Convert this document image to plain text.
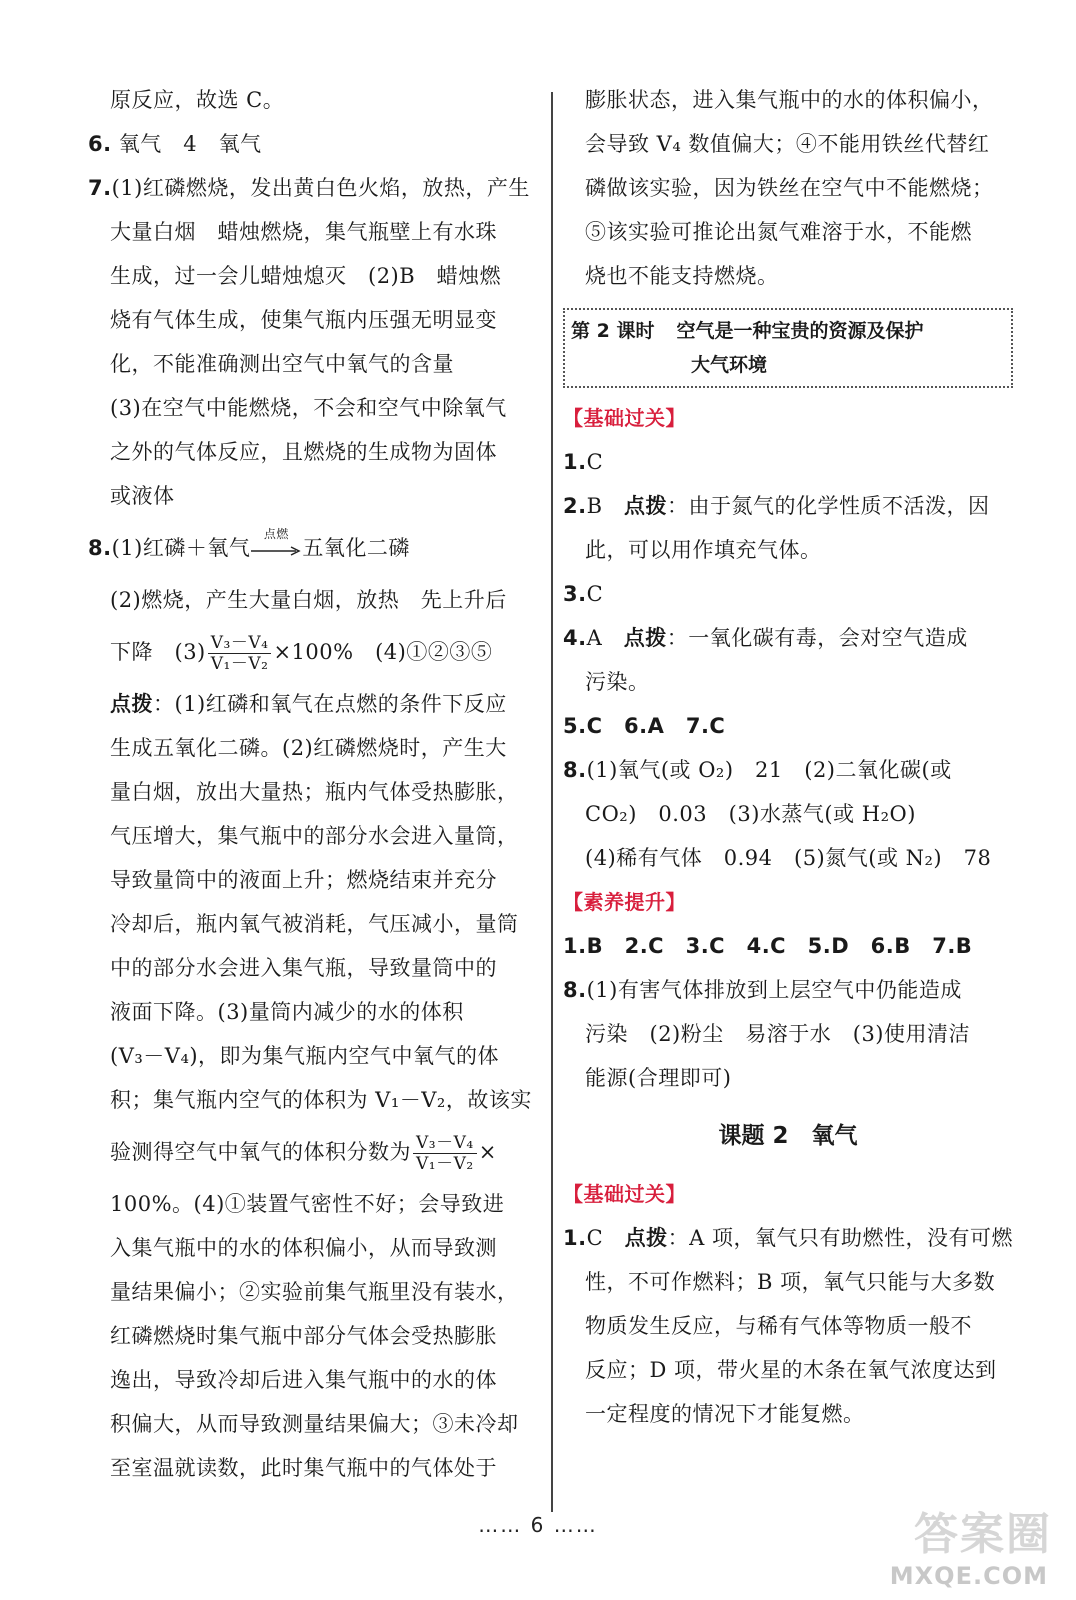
原反应，故选 C。
6. 氧气　4　氧气
7.(1)红磷燃烧，发出黄白色火焰，放热，产生
大量白烟　蜡烛燃烧，集气瓶壁上有水珠
生成，过一会儿蜡烛熄灭　(2)B　蜡烛燃
烧有气体生成，使集气瓶内压强无明显变
化，不能准确测出空气中氧气的含量
(3)在空气中能燃烧，不会和空气中除氧气
之外的气体反应，且燃烧的生成物为固体
或液体
8.(1)红磷＋氧气
点燃
五氧化二磷
(2)燃烧，产生大量白烟，放热　先上升后
下降　$(3) \frac{\text{V₃－V₄}}{\text{V₁－V₂}} \times 100\%$　(4)①②③⑤
点拨：(1)红磷和氧气在点燃的条件下反应
生成五氧化二磷。(2)红磷燃烧时，产生大
量白烟，放出大量热；瓶内气体受热膨胀，
气压增大，集气瓶中的部分水会进入量筒，
导致量筒中的液面上升；燃烧结束并充分
冷却后，瓶内氧气被消耗，气压减小，量筒
中的部分水会进入集气瓶，导致量筒中的
液面下降。(3)量筒内减少的水的体积
(V₃－V₄)，即为集气瓶内空气中氧气的体
积；集气瓶内空气的体积为 V₁－V₂，故该实
验测得空气中氧气的体积分数为 $\frac{\text{V₃－V₄}}{\text{V₁－V₂}}$ ×
100%。(4)①装置气密性不好；会导致进
入集气瓶中的水的体积偏小，从而导致测
量结果偏小；②实验前集气瓶里没有装水，
红磷燃烧时集气瓶中部分气体会受热膨胀
逸出，导致冷却后进入集气瓶中的水的体
积偏大，从而导致测量结果偏大；③未冷却
至室温就读数，此时集气瓶中的气体处于
膨胀状态，进入集气瓶中的水的体积偏小，
会导致 V₄ 数值偏大；④不能用铁丝代替红
磷做该实验，因为铁丝在空气中不能燃烧；
⑤该实验可推论出氮气难溶于水，不能燃
烧也不能支持燃烧。
第 2 课时 空气是一种宝贵的资源及保护
大气环境
【基础过关】
1.C
2.B　点拨：由于氮气的化学性质不活泼，因
此，可以用作填充气体。
3.C
4.A　点拨：一氧化碳有毒，会对空气造成
污染。
5.C　6.A　7.C
8.(1)氧气(或 O₂)　21　(2)二氧化碳(或
CO₂)　0.03　(3)水蒸气(或 H₂O)
(4)稀有气体　0.94　(5)氮气(或 N₂)　78
【素养提升】
1.B　2.C　3.C　4.C　5.D　6.B　7.B
8.(1)有害气体排放到上层空气中仍能造成
污染　(2)粉尘　易溶于水　(3)使用清洁
能源(合理即可)
课题 2　氧气
【基础过关】
1.C　点拨：A 项，氧气只有助燃性，没有可燃
性，不可作燃料；B 项，氧气只能与大多数
物质发生反应，与稀有气体等物质一般不
反应；D 项，带火星的木条在氧气浓度达到
一定程度的情况下才能复燃。
…… 6 ……	答案圈
MXQE.COM
